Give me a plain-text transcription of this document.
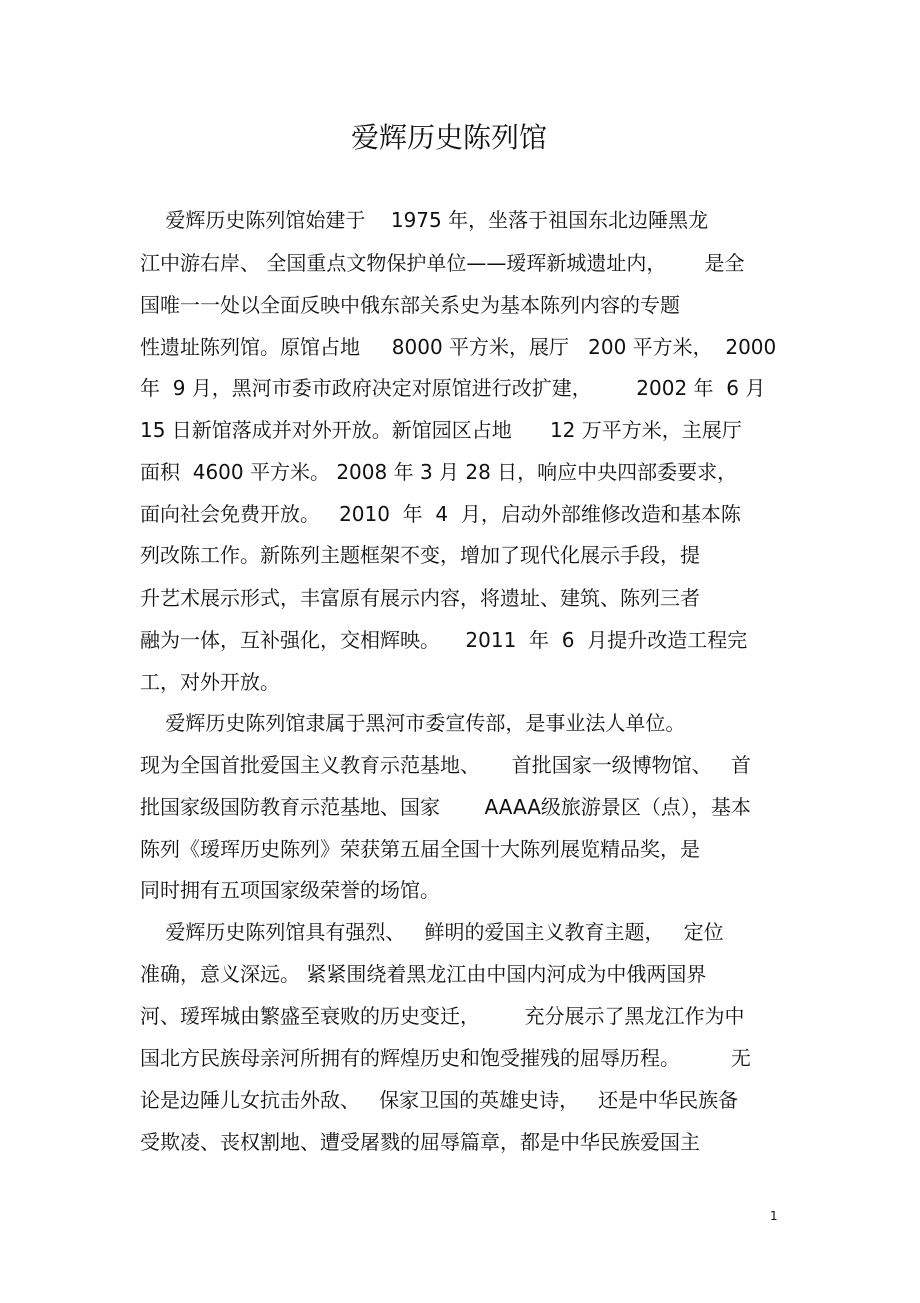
爱辉历史陈列馆

爱辉历史陈列馆始建于    1975 年，坐落于祖国东北边陲黑龙

江中游右岸、 全国重点文物保护单位——瑷珲新城遗址内，      是全

国唯一一处以全面反映中俄东部关系史为基本陈列内容的专题

性遗址陈列馆。原馆占地     8000 平方米，展厅   200 平方米，  2000

年  9 月，黑河市委市政府决定对原馆进行改扩建，       2002 年  6 月

15 日新馆落成并对外开放。新馆园区占地      12 万平方米，主展厅

面积  4600 平方米。 2008 年 3 月 28 日，响应中央四部委要求，

面向社会免费开放。   2010  年  4  月，启动外部维修改造和基本陈

列改陈工作。新陈列主题框架不变，增加了现代化展示手段，提

升艺术展示形式，丰富原有展示内容，将遗址、建筑、陈列三者

融为一体，互补强化，交相辉映。    2011  年  6  月提升改造工程完

工，对外开放。

爱辉历史陈列馆隶属于黑河市委宣传部，是事业法人单位。

现为全国首批爱国主义教育示范基地、     首批国家一级博物馆、   首

批国家级国防教育示范基地、国家       AAAA级旅游景区（点），基本

陈列《瑷珲历史陈列》荣获第五届全国十大陈列展览精品奖，是

同时拥有五项国家级荣誉的场馆。

爱辉历史陈列馆具有强烈、   鲜明的爱国主义教育主题，   定位

准确，意义深远。 紧紧围绕着黑龙江由中国内河成为中俄两国界

河、瑷珲城由繁盛至衰败的历史变迁，       充分展示了黑龙江作为中

国北方民族母亲河所拥有的辉煌历史和饱受摧残的屈辱历程。        无

论是边陲儿女抗击外敌、   保家卫国的英雄史诗，   还是中华民族备

受欺凌、丧权割地、遭受屠戮的屈辱篇章，都是中华民族爱国主

1
